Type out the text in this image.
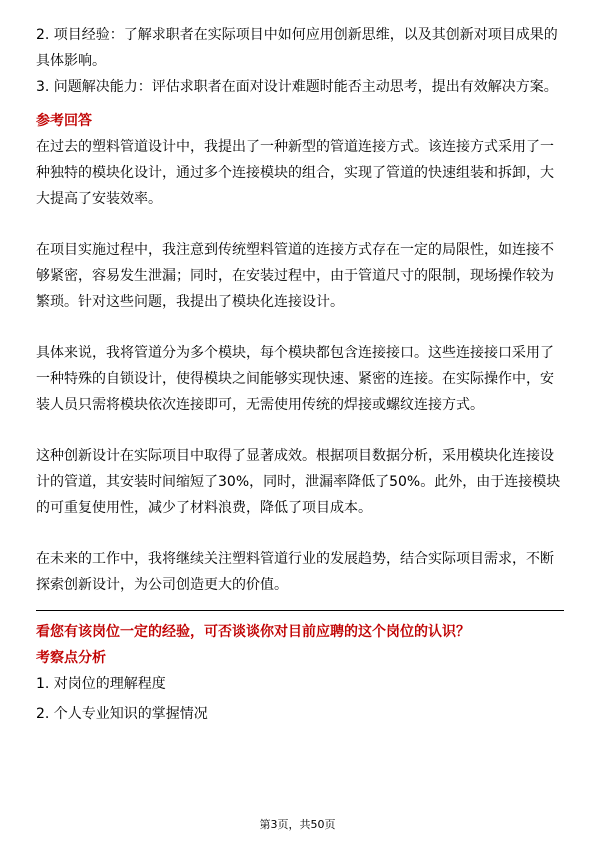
2. 项目经验：了解求职者在实际项目中如何应用创新思维，以及其创新对项目成果的具体影响。

3. 问题解决能力：评估求职者在面对设计难题时能否主动思考，提出有效解决方案。

参考回答

在过去的塑料管道设计中，我提出了一种新型的管道连接方式。该连接方式采用了一种独特的模块化设计，通过多个连接模块的组合，实现了管道的快速组装和拆卸，大大提高了安装效率。

在项目实施过程中，我注意到传统塑料管道的连接方式存在一定的局限性，如连接不够紧密，容易发生泄漏；同时，在安装过程中，由于管道尺寸的限制，现场操作较为繁琐。针对这些问题，我提出了模块化连接设计。

具体来说，我将管道分为多个模块，每个模块都包含连接接口。这些连接接口采用了一种特殊的自锁设计，使得模块之间能够实现快速、紧密的连接。在实际操作中，安装人员只需将模块依次连接即可，无需使用传统的焊接或螺纹连接方式。

这种创新设计在实际项目中取得了显著成效。根据项目数据分析，采用模块化连接设计的管道，其安装时间缩短了30%，同时，泄漏率降低了50%。此外，由于连接模块的可重复使用性，减少了材料浪费，降低了项目成本。

在未来的工作中，我将继续关注塑料管道行业的发展趋势，结合实际项目需求，不断探索创新设计，为公司创造更大的价值。

看您有该岗位一定的经验，可否谈谈你对目前应聘的这个岗位的认识？

考察点分析

1. 对岗位的理解程度

2. 个人专业知识的掌握情况

第3页，共50页
